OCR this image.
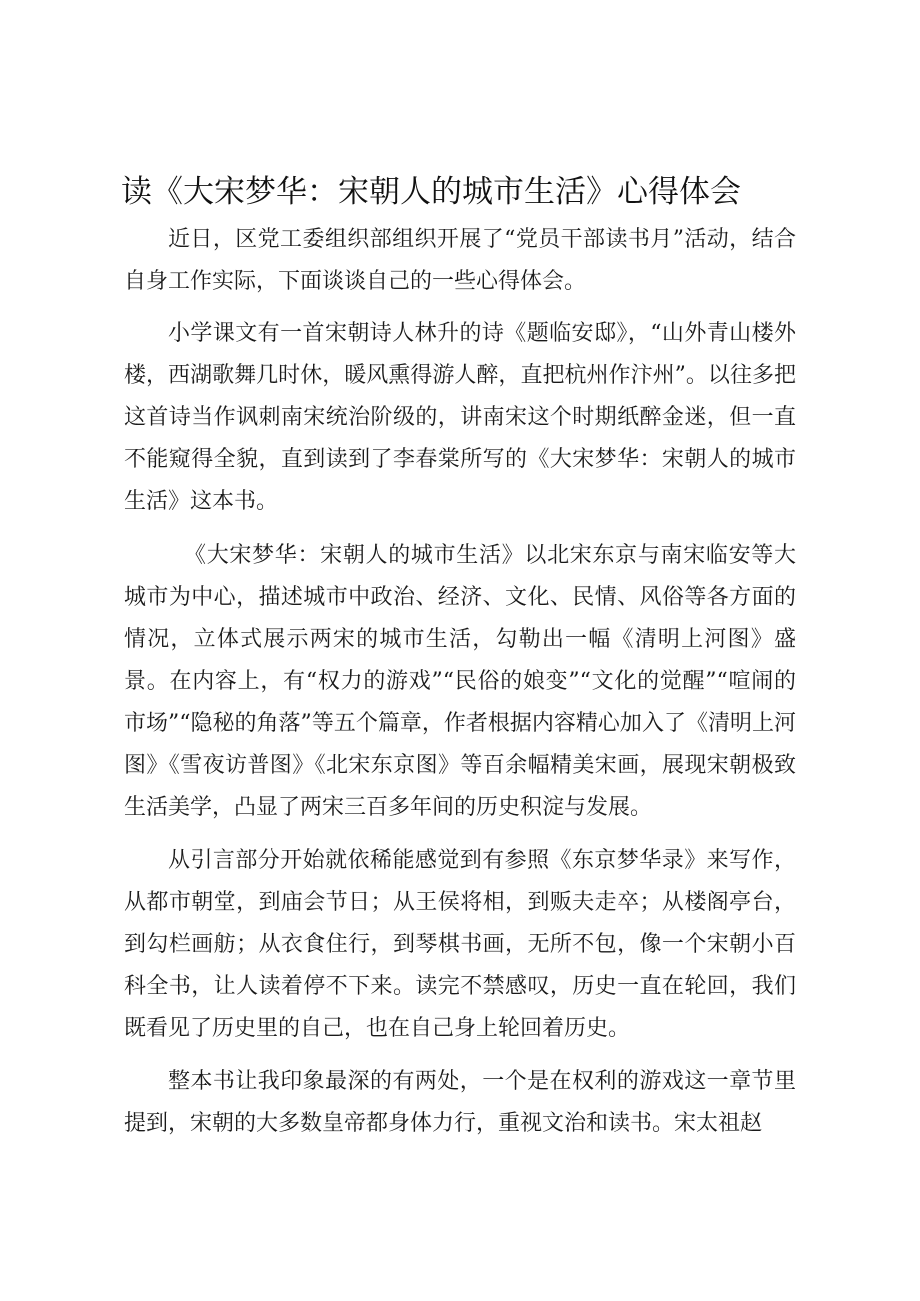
读《大宋梦华：宋朝人的城市生活》心得体会

近日，区党工委组织部组织开展了“党员干部读书月”活动，结合自身工作实际，下面谈谈自己的一些心得体会。

小学课文有一首宋朝诗人林升的诗《题临安邸》，“山外青山楼外楼，西湖歌舞几时休，暖风熏得游人醉，直把杭州作汴州”。以往多把这首诗当作讽刺南宋统治阶级的，讲南宋这个时期纸醉金迷，但一直不能窥得全貌，直到读到了李春棠所写的《大宋梦华：宋朝人的城市生活》这本书。

《大宋梦华：宋朝人的城市生活》以北宋东京与南宋临安等大城市为中心，描述城市中政治、经济、文化、民情、风俗等各方面的情况，立体式展示两宋的城市生活，勾勒出一幅《清明上河图》盛景。在内容上，有“权力的游戏”“民俗的娘变”“文化的觉醒”“喧闹的市场”“隐秘的角落”等五个篇章，作者根据内容精心加入了《清明上河图》《雪夜访普图》《北宋东京图》等百余幅精美宋画，展现宋朝极致生活美学，凸显了两宋三百多年间的历史积淀与发展。

从引言部分开始就依稀能感觉到有参照《东京梦华录》来写作，从都市朝堂，到庙会节日；从王侯将相，到贩夫走卒；从楼阁亭台，到勾栏画舫；从衣食住行，到琴棋书画，无所不包，像一个宋朝小百科全书，让人读着停不下来。读完不禁感叹，历史一直在轮回，我们既看见了历史里的自己，也在自己身上轮回着历史。

整本书让我印象最深的有两处，一个是在权利的游戏这一章节里提到，宋朝的大多数皇帝都身体力行，重视文治和读书。宋太祖赵
